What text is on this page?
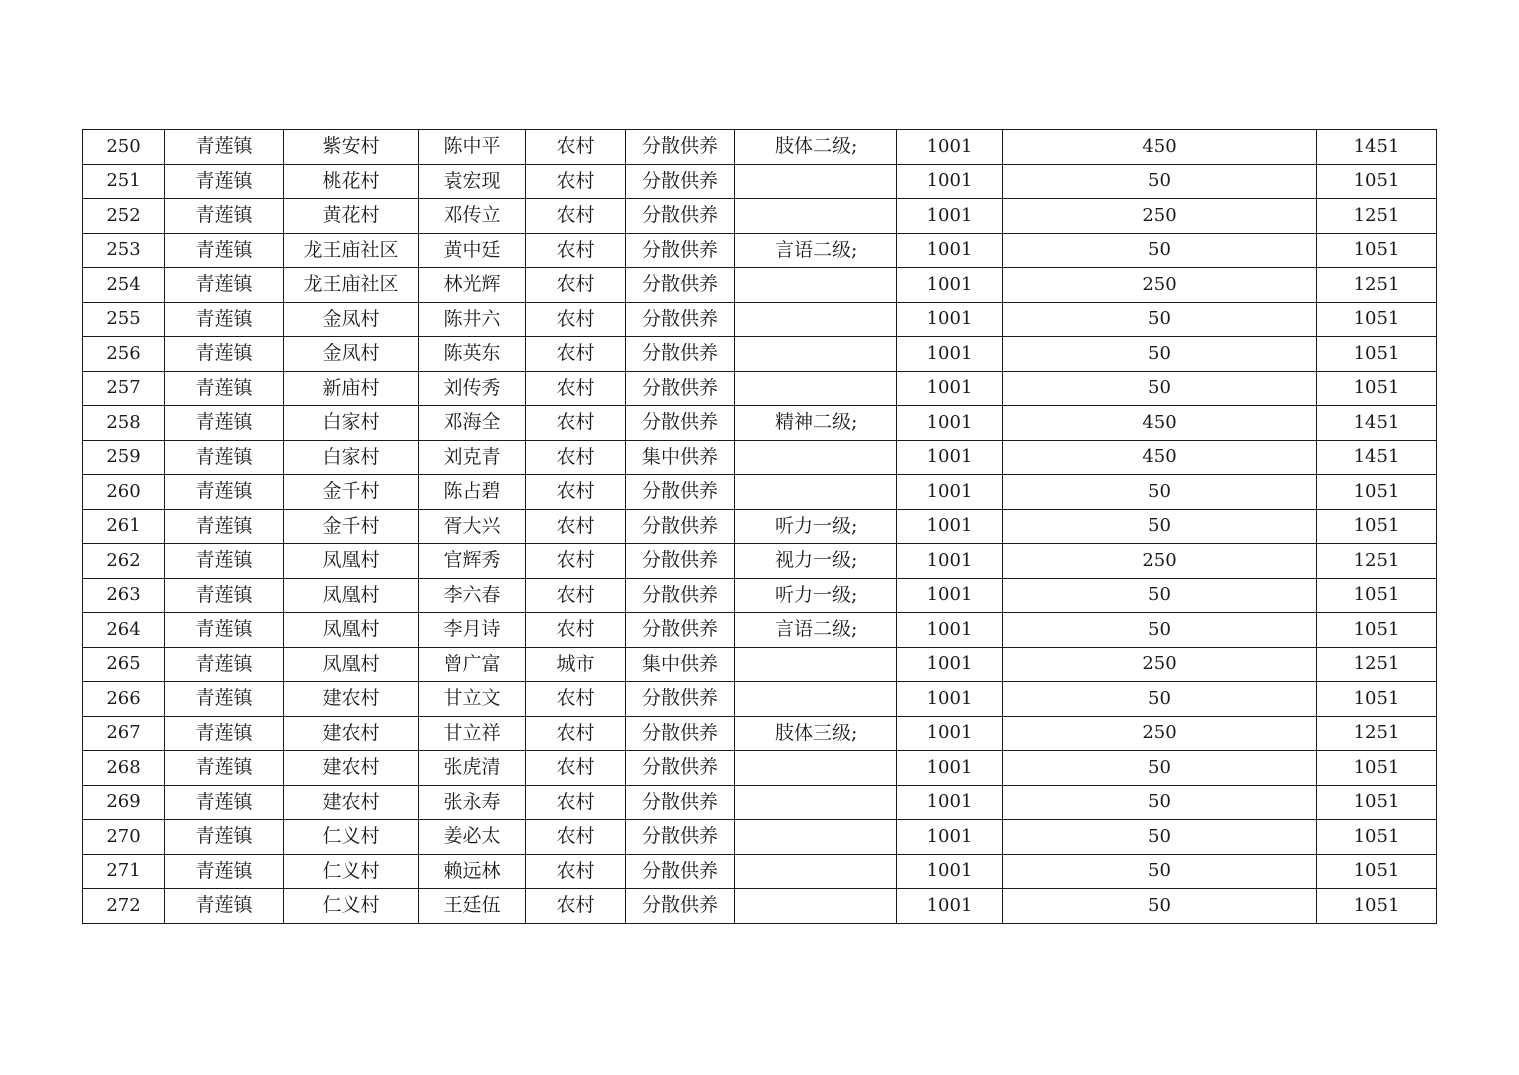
250	青莲镇	紫安村	陈中平	农村	分散供养	肢体二级;	1001	450	1451
251	青莲镇	桃花村	袁宏现	农村	分散供养		1001	50	1051
252	青莲镇	黄花村	邓传立	农村	分散供养		1001	250	1251
253	青莲镇	龙王庙社区	黄中廷	农村	分散供养	言语二级;	1001	50	1051
254	青莲镇	龙王庙社区	林光辉	农村	分散供养		1001	250	1251
255	青莲镇	金凤村	陈井六	农村	分散供养		1001	50	1051
256	青莲镇	金凤村	陈英东	农村	分散供养		1001	50	1051
257	青莲镇	新庙村	刘传秀	农村	分散供养		1001	50	1051
258	青莲镇	白家村	邓海全	农村	分散供养	精神二级;	1001	450	1451
259	青莲镇	白家村	刘克青	农村	集中供养		1001	450	1451
260	青莲镇	金千村	陈占碧	农村	分散供养		1001	50	1051
261	青莲镇	金千村	胥大兴	农村	分散供养	听力一级;	1001	50	1051
262	青莲镇	凤凰村	官辉秀	农村	分散供养	视力一级;	1001	250	1251
263	青莲镇	凤凰村	李六春	农村	分散供养	听力一级;	1001	50	1051
264	青莲镇	凤凰村	李月诗	农村	分散供养	言语二级;	1001	50	1051
265	青莲镇	凤凰村	曾广富	城市	集中供养		1001	250	1251
266	青莲镇	建农村	甘立文	农村	分散供养		1001	50	1051
267	青莲镇	建农村	甘立祥	农村	分散供养	肢体三级;	1001	250	1251
268	青莲镇	建农村	张虎清	农村	分散供养		1001	50	1051
269	青莲镇	建农村	张永寿	农村	分散供养		1001	50	1051
270	青莲镇	仁义村	姜必太	农村	分散供养		1001	50	1051
271	青莲镇	仁义村	赖远林	农村	分散供养		1001	50	1051
272	青莲镇	仁义村	王廷伍	农村	分散供养		1001	50	1051
